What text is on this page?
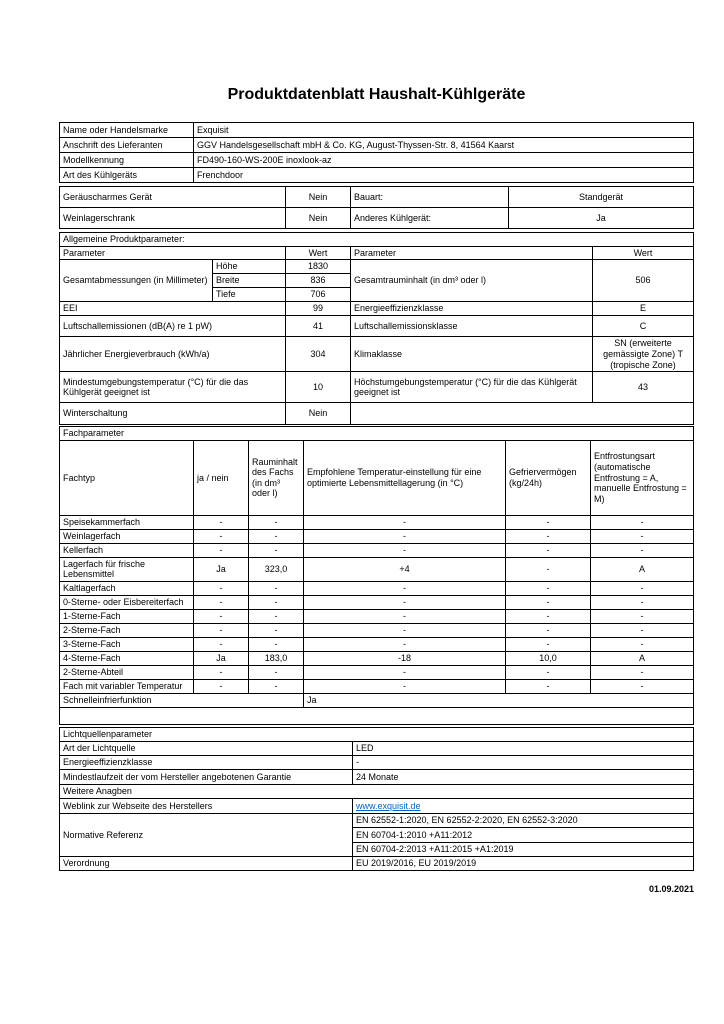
Produktdatenblatt Haushalt-Kühlgeräte
Name oder Handelsmarke	Exquisit
Anschrift des Lieferanten	GGV Handelsgesellschaft mbH & Co. KG, August-Thyssen-Str. 8, 41564 Kaarst
Modellkennung	FD490-160-WS-200E inoxlook-az
Art des Kühlgeräts	Frenchdoor
Geräuscharmes Gerät	Nein	Bauart:	Standgerät
Weinlagerschrank	Nein	Anderes Kühlgerät:	Ja
Allgemeine Produktparameter:				
Parameter		Wert	Parameter	Wert
Gesamtabmessungen (in Millimeter)	Höhe	1830	Gesamtrauminhalt (in dm³ oder l)	506
	Breite	836		
	Tiefe	706		
EEI		99	Energieeffizienzklasse	E
Luftschallemissionen (dB(A) re 1 pW)		41	Luftschallemissionsklasse	C
Jährlicher Energieverbrauch (kWh/a)		304	Klimaklasse	SN (erweiterte gemässigte Zone) T (tropische Zone)
Mindestumgebungstemperatur (°C) für die das Kühlgerät geeignet ist		10	Höchstumgebungstemperatur (°C) für die das Kühlgerät geeignet ist	43
Winterschaltung		Nein		
Fachparameter					
Fachtyp	ja / nein	Rauminhalt des Fachs (in dm³ oder l)	Empfohlene Temperatur-einstellung für eine optimierte Lebensmittellagerung (in °C)	Gefriervermögen (kg/24h)	Entfrostungsart (automatische Entfrostung = A, manuelle Entfrostung = M)
Speisekammerfach	-	-	-	-	-
Weinlagerfach	-	-	-	-	-
Kellerfach	-	-	-	-	-
Lagerfach für frische Lebensmittel	Ja	323,0	+4	-	A
Kaltlagerfach	-	-	-	-	-
0-Sterne- oder Eisbereiterfach	-	-	-	-	-
1-Sterne-Fach	-	-	-	-	-
2-Sterne-Fach	-	-	-	-	-
3-Sterne-Fach	-	-	-	-	-
4-Sterne-Fach	Ja	183,0	-18	10,0	A
2-Sterne-Abteil	-	-	-	-	-
Fach mit variabler Temperatur	-	-	-	-	-
Schnelleinfrierfunktion			Ja		

Lichtquellenparameter	
Art der Lichtquelle	LED
Energieeffizienzklasse	-
Mindestlaufzeit der vom Hersteller angebotenen Garantie	24 Monate
Weitere Anagben	
Weblink zur Webseite des Herstellers	www.exquisit.de
Normative Referenz	EN 62552-1:2020, EN 62552-2:2020, EN 62552-3:2020
	EN 60704-1:2010 +A11:2012
	EN 60704-2:2013 +A11:2015 +A1:2019
Verordnung	EU 2019/2016, EU 2019/2019
01.09.2021
